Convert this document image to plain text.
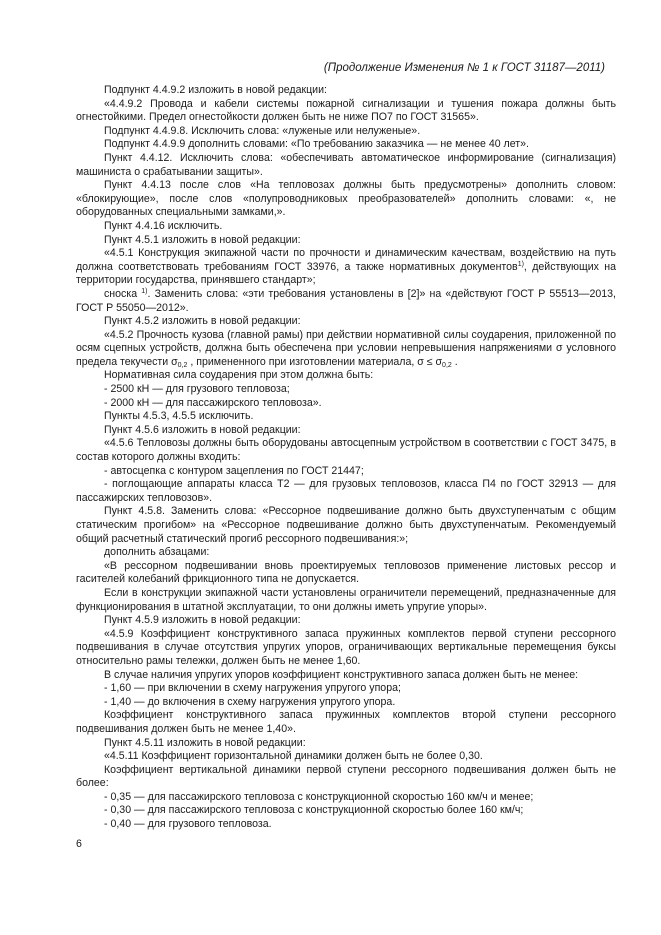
(Продолжение Изменения № 1 к ГОСТ 31187—2011)

Подпункт 4.4.9.2 изложить в новой редакции:

«4.4.9.2 Провода и кабели системы пожарной сигнализации и тушения пожара должны быть огнестойкими. Предел огнестойкости должен быть не ниже ПО7 по ГОСТ 31565».

Подпункт 4.4.9.8. Исключить слова: «луженые или нелуженые».

Подпункт 4.4.9.9 дополнить словами: «По требованию заказчика — не менее 40 лет».

Пункт 4.4.12. Исключить слова: «обеспечивать автоматическое информирование (сигнализация) машиниста о срабатывании защиты».

Пункт 4.4.13 после слов «На тепловозах должны быть предусмотрены» дополнить словом: «блокирующие», после слов «полупроводниковых преобразователей» дополнить словами: «, не оборудованных специальными замками,».

Пункт 4.4.16 исключить.

Пункт 4.5.1 изложить в новой редакции:

«4.5.1 Конструкция экипажной части по прочности и динамическим качествам, воздействию на путь должна соответствовать требованиям ГОСТ 33976, а также нормативных документов$^{1)}$, действующих на территории государства, принявшего стандарт»;

сноска $^{1)}$. Заменить слова: «эти требования установлены в [2]» на «действуют ГОСТ Р 55513—2013, ГОСТ Р 55050—2012».

Пункт 4.5.2 изложить в новой редакции:

«4.5.2 Прочность кузова (главной рамы) при действии нормативной силы соударения, приложенной по осям сцепных устройств, должна быть обеспечена при условии непревышения напряжениями σ условного предела текучести $\sigma_{0,2}$ , примененного при изготовлении материала, $\sigma \le \sigma_{0,2}$ .

Нормативная сила соударения при этом должна быть:

- 2500 кН — для грузового тепловоза;

- 2000 кН — для пассажирского тепловоза».

Пункты 4.5.3, 4.5.5 исключить.

Пункт 4.5.6 изложить в новой редакции:

«4.5.6 Тепловозы должны быть оборудованы автосцепным устройством в соответствии с ГОСТ 3475, в состав которого должны входить:

- автосцепка с контуром зацепления по ГОСТ 21447;

- поглощающие аппараты класса Т2 — для грузовых тепловозов, класса П4 по ГОСТ 32913 — для пассажирских тепловозов».

Пункт 4.5.8. Заменить слова: «Рессорное подвешивание должно быть двухступенчатым с общим статическим прогибом» на «Рессорное подвешивание должно быть двухступенчатым. Рекомендуемый общий расчетный статический прогиб рессорного подвешивания:»;

дополнить абзацами:

«В рессорном подвешивании вновь проектируемых тепловозов применение листовых рессор и гасителей колебаний фрикционного типа не допускается.

Если в конструкции экипажной части установлены ограничители перемещений, предназначенные для функционирования в штатной эксплуатации, то они должны иметь упругие упоры».

Пункт 4.5.9 изложить в новой редакции:

«4.5.9 Коэффициент конструктивного запаса пружинных комплектов первой ступени рессорного подвешивания в случае отсутствия упругих упоров, ограничивающих вертикальные перемещения буксы относительно рамы тележки, должен быть не менее 1,60.

В случае наличия упругих упоров коэффициент конструктивного запаса должен быть не менее:

- 1,60 — при включении в схему нагружения упругого упора;

- 1,40 — до включения в схему нагружения упругого упора.

Коэффициент конструктивного запаса пружинных комплектов второй ступени рессорного подвешивания должен быть не менее 1,40».

Пункт 4.5.11 изложить в новой редакции:

«4.5.11 Коэффициент горизонтальной динамики должен быть не более 0,30.

Коэффициент вертикальной динамики первой ступени рессорного подвешивания должен быть не более:

- 0,35 — для пассажирского тепловоза с конструкционной скоростью 160 км/ч и менее;

- 0,30 — для пассажирского тепловоза с конструкционной скоростью более 160 км/ч;

- 0,40 — для грузового тепловоза.

6
